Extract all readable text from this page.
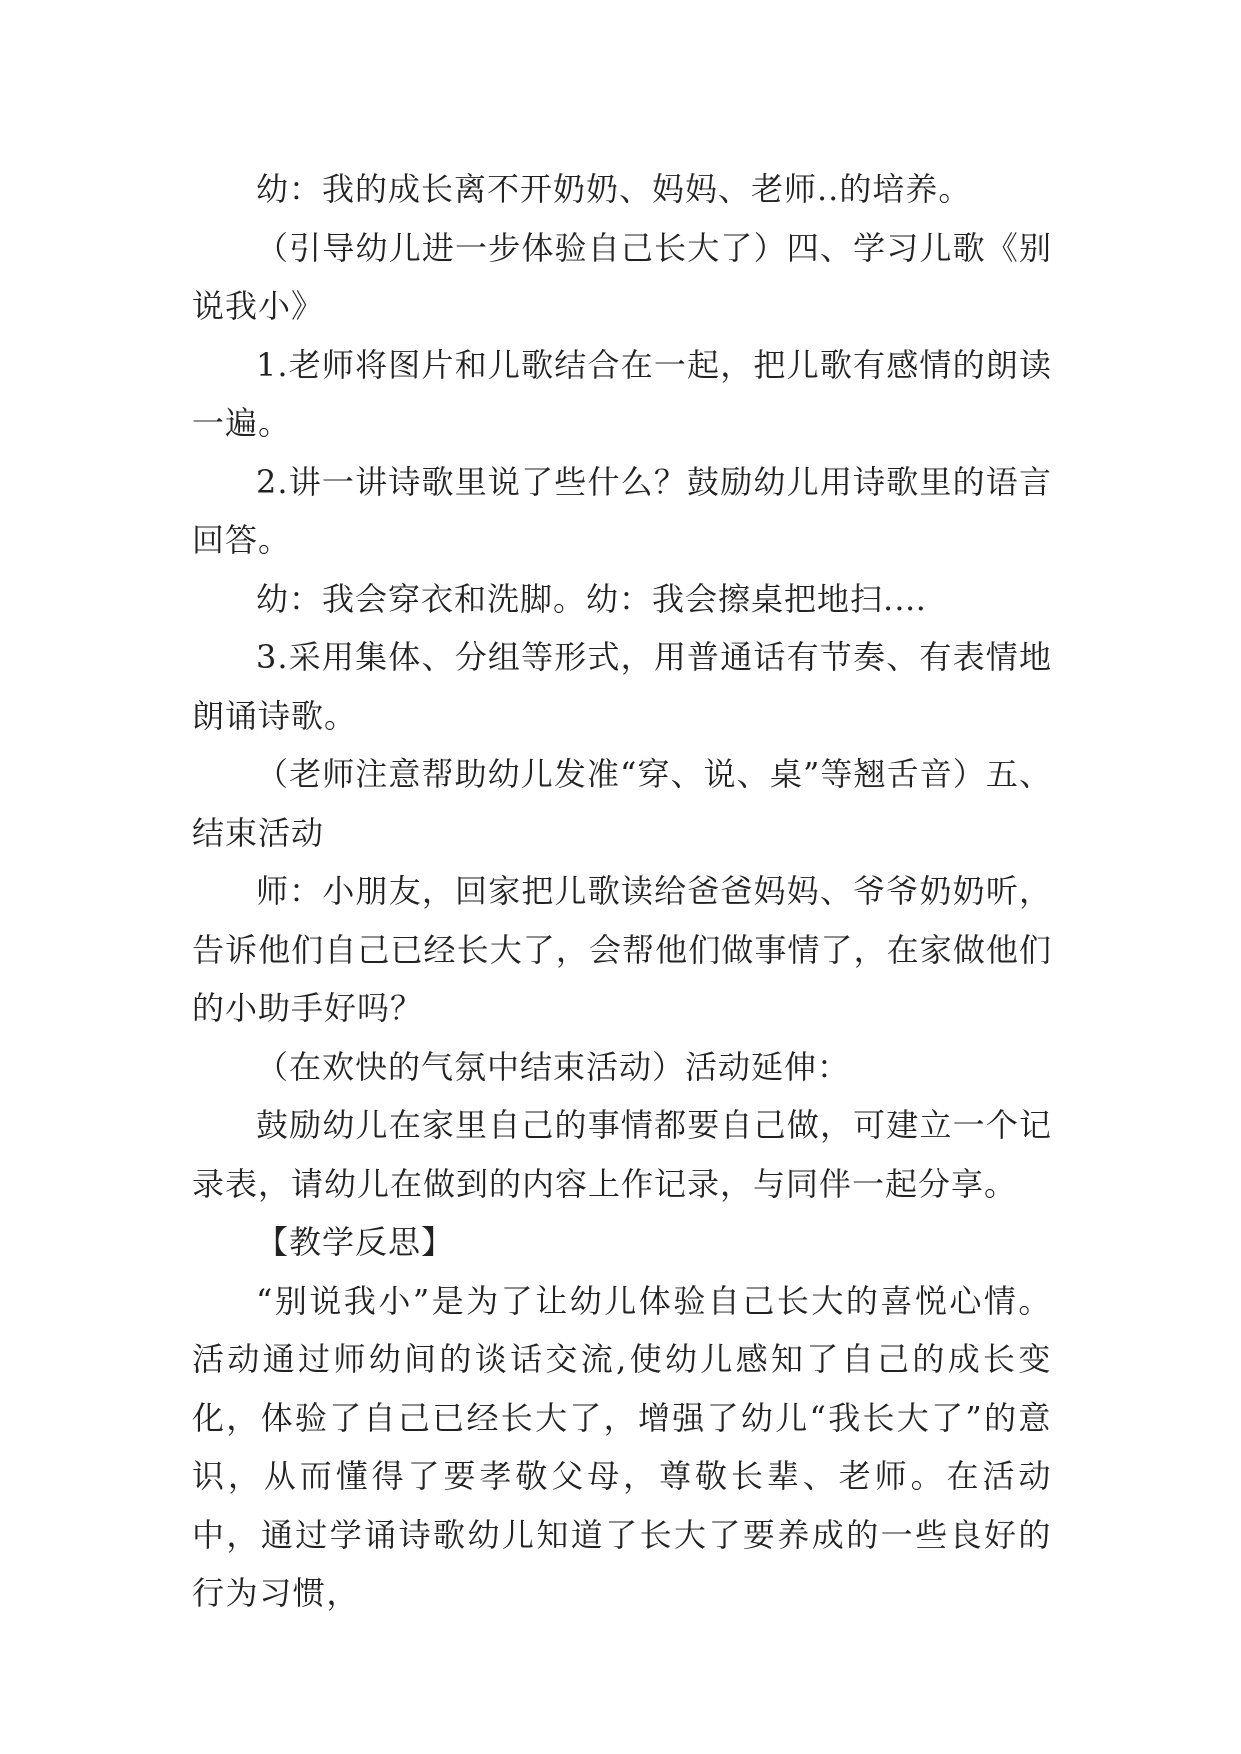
幼：我的成长离不开奶奶、妈妈、老师..的培养。

（引导幼儿进一步体验自己长大了）四、学习儿歌《别说我小》

1.老师将图片和儿歌结合在一起，把儿歌有感情的朗读一遍。

2.讲一讲诗歌里说了些什么？鼓励幼儿用诗歌里的语言回答。

幼：我会穿衣和洗脚。幼：我会擦桌把地扫.…

3.采用集体、分组等形式，用普通话有节奏、有表情地朗诵诗歌。

（老师注意帮助幼儿发准“穿、说、桌”等翘舌音）五、结束活动

师：小朋友，回家把儿歌读给爸爸妈妈、爷爷奶奶听，告诉他们自己已经长大了，会帮他们做事情了，在家做他们的小助手好吗？

（在欢快的气氛中结束活动）活动延伸：

鼓励幼儿在家里自己的事情都要自己做，可建立一个记录表，请幼儿在做到的内容上作记录，与同伴一起分享。

【教学反思】

“别说我小”是为了让幼儿体验自己长大的喜悦心情。活动通过师幼间的谈话交流,使幼儿感知了自己的成长变化，体验了自己已经长大了，增强了幼儿“我长大了”的意识，从而懂得了要孝敬父母，尊敬长辈、老师。在活动中，通过学诵诗歌幼儿知道了长大了要养成的一些良好的行为习惯，
